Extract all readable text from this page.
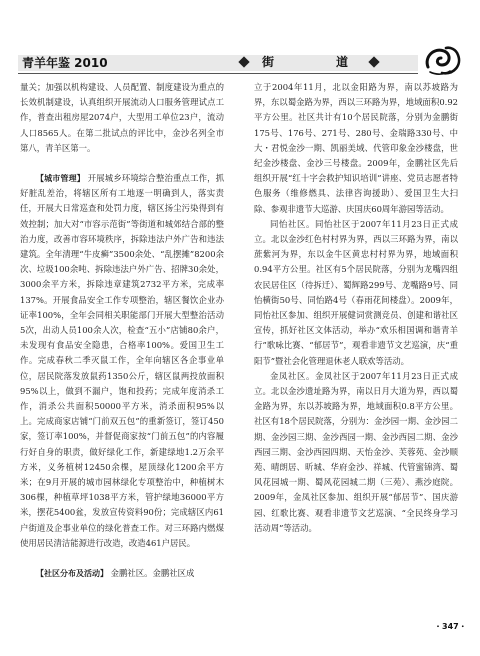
青羊年鉴 2010	街	道

量关；加强以机构建设、人员配置、制度建设为重点的长效机制建设，认真组织开展流动人口服务管理试点工作，普查出租房屋2074户，大型用工单位23户，流动人口8565人。在第二批试点的评比中，金沙名列全市第八，青羊区第一。

【城市管理】 开展城乡环境综合整治重点工作，抓好脏乱差治，将辖区所有工地逐一明确到人，落实责任，开展大日常巡查和处罚力度，辖区扬尘污染得到有效控制；加大对“市容示范街”等街道和城郊结合部的整治力度，改善市容环境秩序，拆除违法户外广告和违法建筑。全年清理“牛皮癣”3500余处、“乱摆摊”8200余次、垃圾100余吨、拆除违法户外广告、招牌30余处，3000余平方米，拆除违章建筑2732平方米，完成率137%。开展食品安全工作专项整治，辖区餐饮企业办证率100%，全年会同相关职能部门开展大型整治活动5次，出动人员100余人次，检查“五小”店铺80余户，未发现有食品安全隐患，合格率100%。爱国卫生工作。完成春秋二季灭鼠工作，全年向辖区各企事业单位，居民院落发放鼠药1350公斤，辖区鼠两投放面积95%以上，做到不漏户，饱和投药；完成年度消杀工作，消杀公共面积50000平方米，消杀面积95%以上。完成商家店铺“门前双五包”的重新签订，签订450家，签订率100%，并督促商家按“门前五包”的内容履行好自身的职责，做好绿化工作，新建绿地1.2万余平方米，义务植树12450余棵，屋顶绿化1200余平方米；在9月开展的城市园林绿化专项整治中，种植树木306棵，种植草坪1038平方米，管护绿地36000平方米，摆花5400盆，发放宣传资料90份；完成辖区内61户街道及企事业单位的绿化普查工作。对三环路内燃煤使用居民清洁能源进行改造，改造461户居民。

【社区分布及活动】 金鹏社区。金鹏社区成

立于2004年11月，北以金阳路为界，南以苏坡路为界，东以蜀金路为界，西以三环路为界，地域面积0.92平方公里。社区共计有10个居民院落，分别为金鹏街175号、176号、271号、280号、金瑞路330号、中大・君悦金沙一期、凯丽美域、代管印象金沙楼盘，世纪金沙楼盘、金沙三号楼盘。2009年，金鹏社区先后组织开展“红十字会救护知识培训”讲座、党员志愿者特色服务（维修燃具、法律咨询援助）、爱国卫生大扫除、参观非遗节大巡游、庆国庆60周年游园等活动。

同怡社区。同怡社区于2007年11月23日正式成立。北以金沙红色村村界为界，西以三环路为界，南以蔗紫河为界，东以金牛区黄忠村村界为界，地域面积0.94平方公里。社区有5个居民院落，分别为龙嘴四组农民居住区（待拆迁）、蜀辉路299号、龙嘴路9号、同怡横街50号、同怡路4号（春雨花间楼盘）。2009年，同怡社区参加、组织开展健词赏测竞员、创建和谐社区宣传，抓好社区文体活动，举办“欢乐相国调和谐青羊行”歌咏比赛、“郁居节”，观看非遗节文艺巡演，庆“重阳节”暨社会化管理退休老人联欢等活动。

金凤社区。金凤社区于2007年11月23日正式成立。北以金沙遗址路为界，南以日月大道为界，西以蜀金路为界，东以苏坡路为界，地域面积0.8平方公里。社区有18个居民院落，分别为：金沙园一期、金沙园二期、金沙园三期、金沙西园一期、金沙西园二期、金沙西园三期、金沙西园四期、天怡金沙、芙蓉苑、金沙顺苑、晴朗居、昕城、华府金沙、祥城、代管蜜锦湾、蜀风花园城一期、蜀风花园城二期（三苑）、燕沙庭院。2009年，金凤社区参加、组织开展“郁居节”、国庆游园、红歌比赛、观看非遗节文艺巡演、“全民终身学习活动周”等活动。

・347・
